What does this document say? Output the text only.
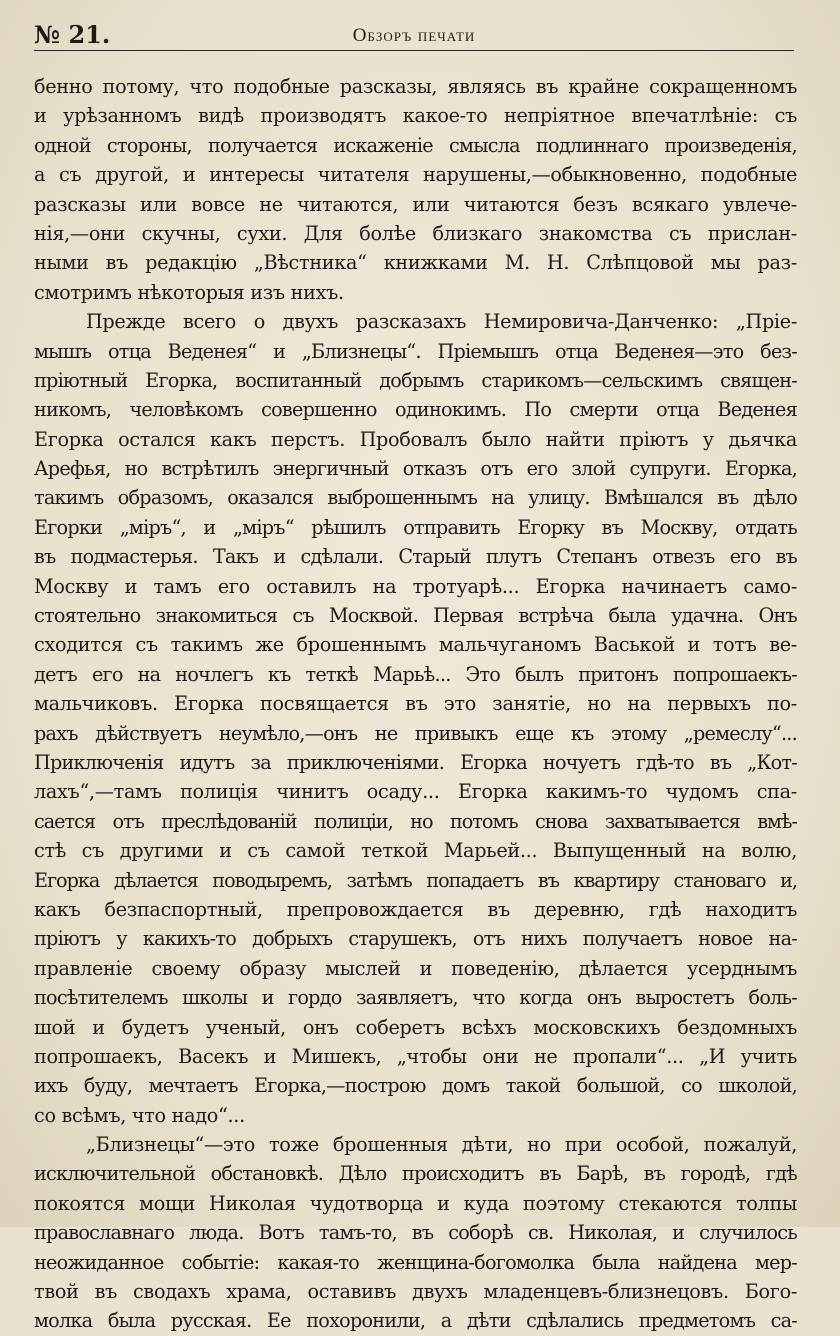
№ 21.	Обзоръ печати
бенно потому, что подобные разсказы, являясь въ крайне сокращенномъ
и урѣзанномъ видѣ производятъ какое-то непріятное впечатлѣніе: съ
одной стороны, получается искаженіе смысла подлиннаго произведенія,
а съ другой, и интересы читателя нарушены,—обыкновенно, подобные
разсказы или вовсе не читаются, или читаются безъ всякаго увлече-
нія,—они скучны, сухи. Для болѣе близкаго знакомства съ прислан-
ными въ редакцію „Вѣстника“ книжками М. Н. Слѣпцовой мы раз-
смотримъ нѣкоторыя изъ нихъ.
Прежде всего о двухъ разсказахъ Немировича-Данченко: „Пріе-
мышъ отца Веденея“ и „Близнецы“. Пріемышъ отца Веденея—это без-
пріютный Егорка, воспитанный добрымъ старикомъ—сельскимъ священ-
никомъ, человѣкомъ совершенно одинокимъ. По смерти отца Веденея
Егорка остался какъ перстъ. Пробовалъ было найти пріютъ у дьячка
Арефья, но встрѣтилъ энергичный отказъ отъ его злой супруги. Егорка,
такимъ образомъ, оказался выброшеннымъ на улицу. Вмѣшался въ дѣло
Егорки „міръ“, и „міръ“ рѣшилъ отправить Егорку въ Москву, отдать
въ подмастерья. Такъ и сдѣлали. Старый плутъ Степанъ отвезъ его въ
Москву и тамъ его оставилъ на тротуарѣ... Егорка начинаетъ само-
стоятельно знакомиться съ Москвой. Первая встрѣча была удачна. Онъ
сходится съ такимъ же брошеннымъ мальчуганомъ Васькой и тотъ ве-
детъ его на ночлегъ къ теткѣ Марьѣ... Это былъ притонъ попрошаекъ-
мальчиковъ. Егорка посвящается въ это занятіе, но на первыхъ по-
рахъ дѣйствуетъ неумѣло,—онъ не привыкъ еще къ этому „ремеслу“...
Приключенія идутъ за приключеніями. Егорка ночуетъ гдѣ-то въ „Кот-
лахъ“,—тамъ полиція чинитъ осаду... Егорка какимъ-то чудомъ спа-
сается отъ преслѣдованій полиціи, но потомъ снова захватывается вмѣ-
стѣ съ другими и съ самой теткой Марьей... Выпущенный на волю,
Егорка дѣлается поводыремъ, затѣмъ попадаетъ въ квартиру становаго и,
какъ безпаспортный, препровождается въ деревню, гдѣ находитъ
пріютъ у какихъ-то добрыхъ старушекъ, отъ нихъ получаетъ новое на-
правленіе своему образу мыслей и поведенію, дѣлается усерднымъ
посѣтителемъ школы и гордо заявляетъ, что когда онъ выростетъ боль-
шой и будетъ ученый, онъ соберетъ всѣхъ московскихъ бездомныхъ
попрошаекъ, Васекъ и Мишекъ, „чтобы они не пропали“... „И учить
ихъ буду, мечтаетъ Егорка,—построю домъ такой большой, со школой,
со всѣмъ, что надо“...
„Близнецы“—это тоже брошенныя дѣти, но при особой, пожалуй,
исключительной обстановкѣ. Дѣло происходитъ въ Барѣ, въ городѣ, гдѣ
покоятся мощи Николая чудотворца и куда поэтому стекаются толпы
православнаго люда. Вотъ тамъ-то, въ соборѣ св. Николая, и случилось
неожиданное событіе: какая-то женщина-богомолка была найдена мер-
твой въ сводахъ храма, оставивъ двухъ младенцевъ-близнецовъ. Бого-
молка была русская. Ее похоронили, а дѣти сдѣлались предметомъ са-
